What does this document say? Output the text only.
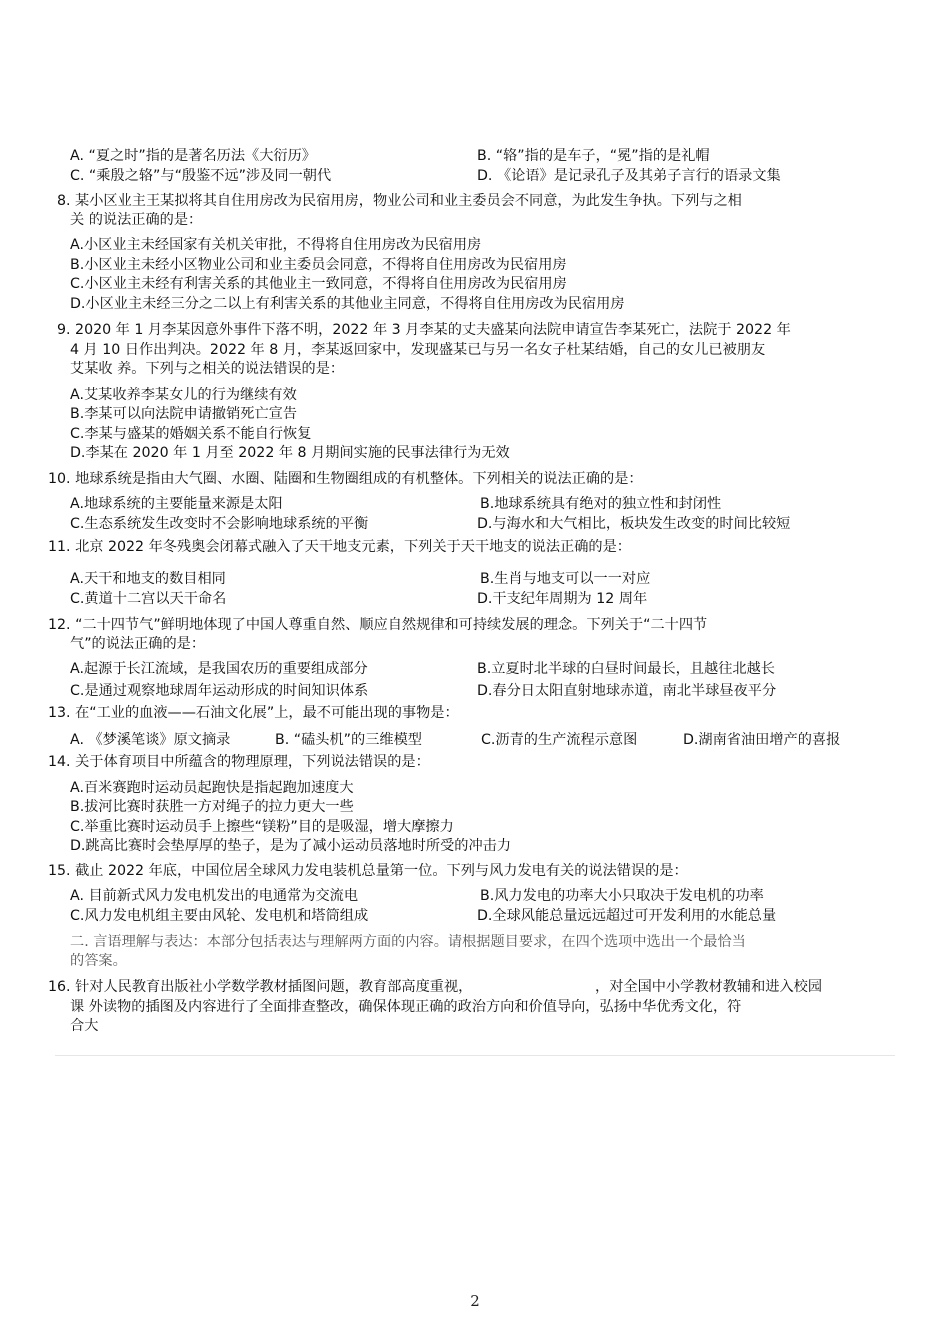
A. “夏之时”指的是著名历法《大衍历》	B. “辂”指的是车子，“冕”指的是礼帽
C. “乘殷之辂”与“殷鉴不远”涉及同一朝代	D. 《论语》是记录孔子及其弟子言行的语录文集
8. 某小区业主王某拟将其自住用房改为民宿用房，物业公司和业主委员会不同意，为此发生争执。下列与之相
关 的说法正确的是：
A.小区业主未经国家有关机关审批，不得将自住用房改为民宿用房
B.小区业主未经小区物业公司和业主委员会同意，不得将自住用房改为民宿用房
C.小区业主未经有利害关系的其他业主一致同意，不得将自住用房改为民宿用房
D.小区业主未经三分之二以上有利害关系的其他业主同意，不得将自住用房改为民宿用房
9. 2020 年 1 月李某因意外事件下落不明，2022 年 3 月李某的丈夫盛某向法院申请宣告李某死亡，法院于 2022 年
4 月 10 日作出判决。2022 年 8 月，李某返回家中，发现盛某已与另一名女子杜某结婚，自己的女儿已被朋友
艾某收 养。下列与之相关的说法错误的是：
A.艾某收养李某女儿的行为继续有效
B.李某可以向法院申请撤销死亡宣告
C.李某与盛某的婚姻关系不能自行恢复
D.李某在 2020 年 1 月至 2022 年 8 月期间实施的民事法律行为无效
10. 地球系统是指由大气圈、水圈、陆圈和生物圈组成的有机整体。下列相关的说法正确的是：
A.地球系统的主要能量来源是太阳	B.地球系统具有绝对的独立性和封闭性
C.生态系统发生改变时不会影响地球系统的平衡	D.与海水和大气相比，板块发生改变的时间比较短
11. 北京 2022 年冬残奥会闭幕式融入了天干地支元素，下列关于天干地支的说法正确的是：
A.天干和地支的数目相同	B.生肖与地支可以一一对应
C.黄道十二宫以天干命名	D.干支纪年周期为 12 周年
12. “二十四节气”鲜明地体现了中国人尊重自然、顺应自然规律和可持续发展的理念。下列关于“二十四节
气”的说法正确的是：
A.起源于长江流域，是我国农历的重要组成部分	B.立夏时北半球的白昼时间最长，且越往北越长
C.是通过观察地球周年运动形成的时间知识体系	D.春分日太阳直射地球赤道，南北半球昼夜平分
13. 在“工业的血液——石油文化展”上，最不可能出现的事物是：
A. 《梦溪笔谈》原文摘录	B. “磕头机”的三维模型	C.沥青的生产流程示意图	D.湖南省油田增产的喜报
14. 关于体育项目中所蕴含的物理原理，下列说法错误的是：
A.百米赛跑时运动员起跑快是指起跑加速度大
B.拔河比赛时获胜一方对绳子的拉力更大一些
C.举重比赛时运动员手上擦些“镁粉”目的是吸湿，增大摩擦力
D.跳高比赛时会垫厚厚的垫子，是为了减小运动员落地时所受的冲击力
15. 截止 2022 年底，中国位居全球风力发电装机总量第一位。下列与风力发电有关的说法错误的是：
A. 目前新式风力发电机发出的电通常为交流电	B.风力发电的功率大小只取决于发电机的功率
C.风力发电机组主要由风轮、发电机和塔筒组成	D.全球风能总量远远超过可开发利用的水能总量
二. 言语理解与表达：本部分包括表达与理解两方面的内容。请根据题目要求，在四个选项中选出一个最恰当
的答案。
16. 针对人民教育出版社小学数学教材插图问题，教育部高度重视，	，对全国中小学教材教辅和进入校园
课 外读物的插图及内容进行了全面排查整改，确保体现正确的政治方向和价值导向，弘扬中华优秀文化，符
合大
2
